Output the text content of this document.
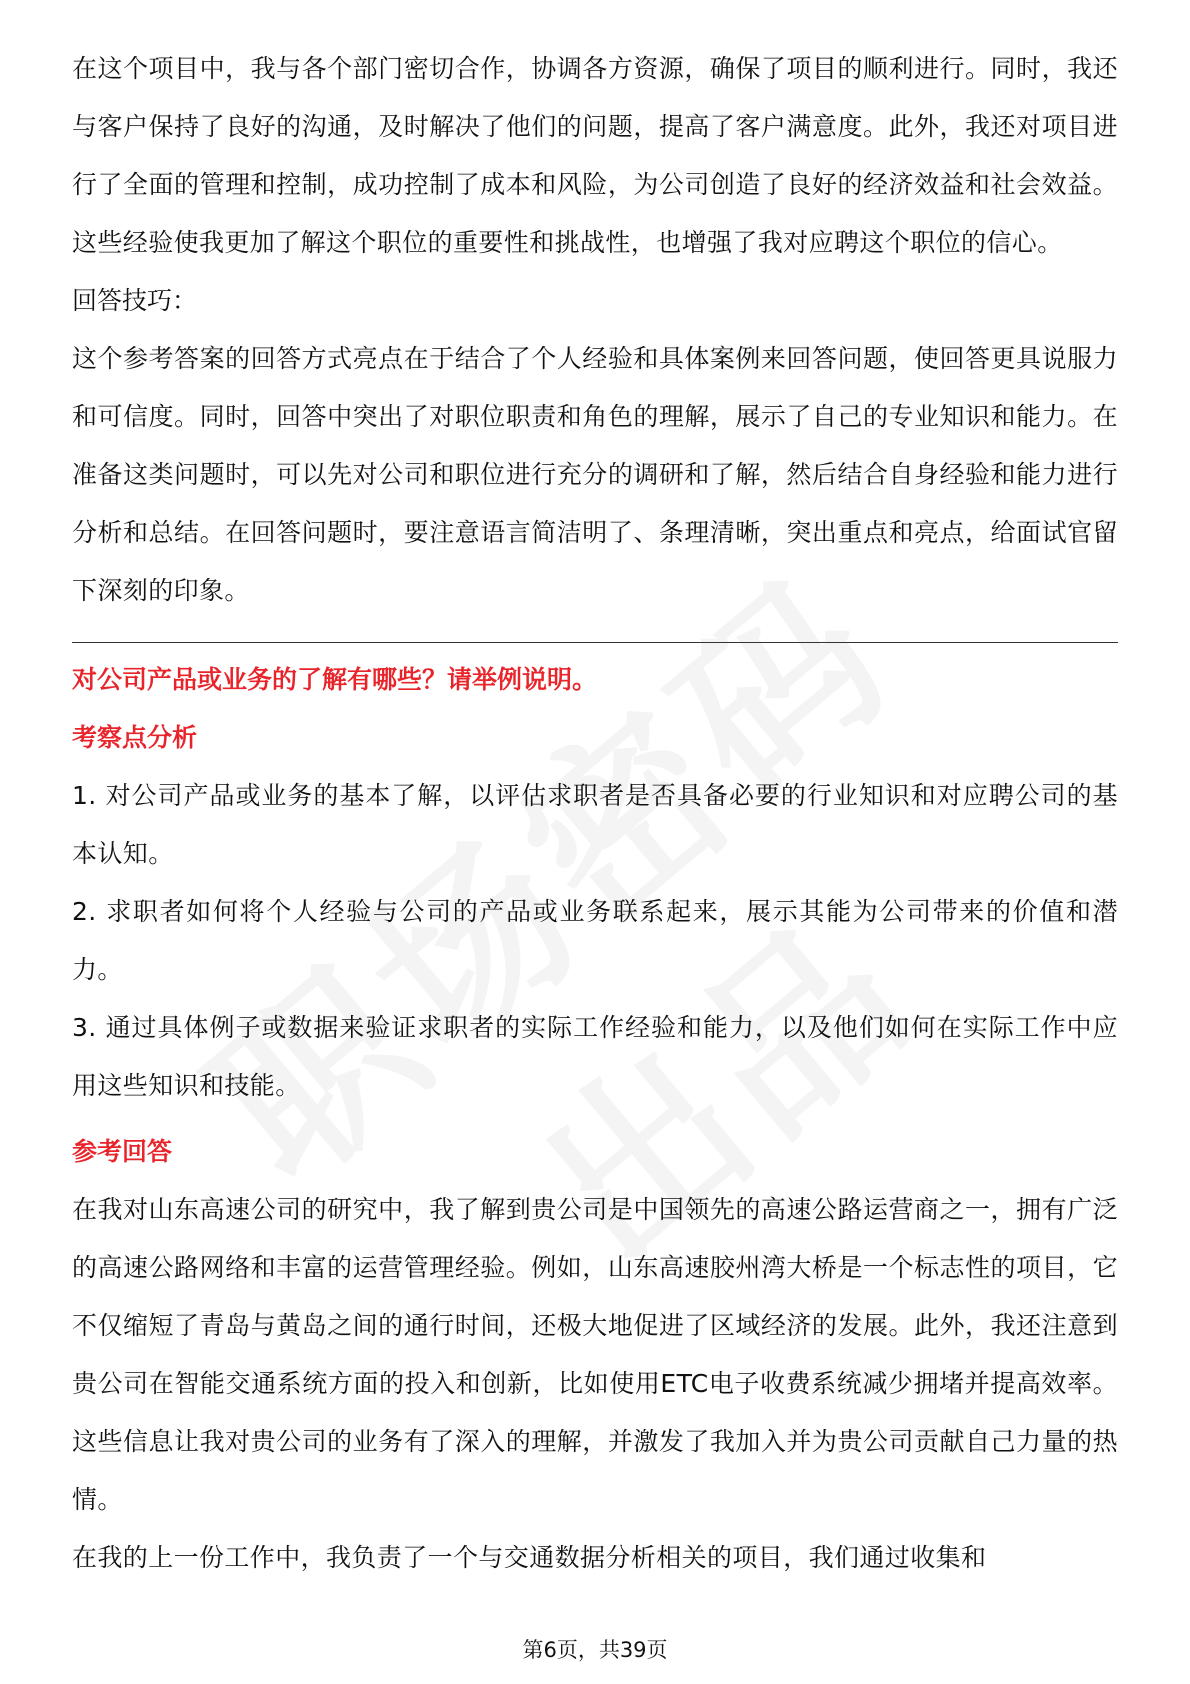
在这个项目中，我与各个部门密切合作，协调各方资源，确保了项目的顺利进行。同时，我还与客户保持了良好的沟通，及时解决了他们的问题，提高了客户满意度。此外，我还对项目进行了全面的管理和控制，成功控制了成本和风险，为公司创造了良好的经济效益和社会效益。这些经验使我更加了解这个职位的重要性和挑战性，也增强了我对应聘这个职位的信心。

回答技巧：

这个参考答案的回答方式亮点在于结合了个人经验和具体案例来回答问题，使回答更具说服力和可信度。同时，回答中突出了对职位职责和角色的理解，展示了自己的专业知识和能力。在准备这类问题时，可以先对公司和职位进行充分的调研和了解，然后结合自身经验和能力进行分析和总结。在回答问题时，要注意语言简洁明了、条理清晰，突出重点和亮点，给面试官留下深刻的印象。

对公司产品或业务的了解有哪些？请举例说明。

考察点分析

1. 对公司产品或业务的基本了解，以评估求职者是否具备必要的行业知识和对应聘公司的基本认知。

2. 求职者如何将个人经验与公司的产品或业务联系起来，展示其能为公司带来的价值和潜力。

3. 通过具体例子或数据来验证求职者的实际工作经验和能力，以及他们如何在实际工作中应用这些知识和技能。

参考回答

在我对山东高速公司的研究中，我了解到贵公司是中国领先的高速公路运营商之一，拥有广泛的高速公路网络和丰富的运营管理经验。例如，山东高速胶州湾大桥是一个标志性的项目，它不仅缩短了青岛与黄岛之间的通行时间，还极大地促进了区域经济的发展。此外，我还注意到贵公司在智能交通系统方面的投入和创新，比如使用ETC电子收费系统减少拥堵并提高效率。这些信息让我对贵公司的业务有了深入的理解，并激发了我加入并为贵公司贡献自己力量的热情。

在我的上一份工作中，我负责了一个与交通数据分析相关的项目，我们通过收集和

第6页，共39页
